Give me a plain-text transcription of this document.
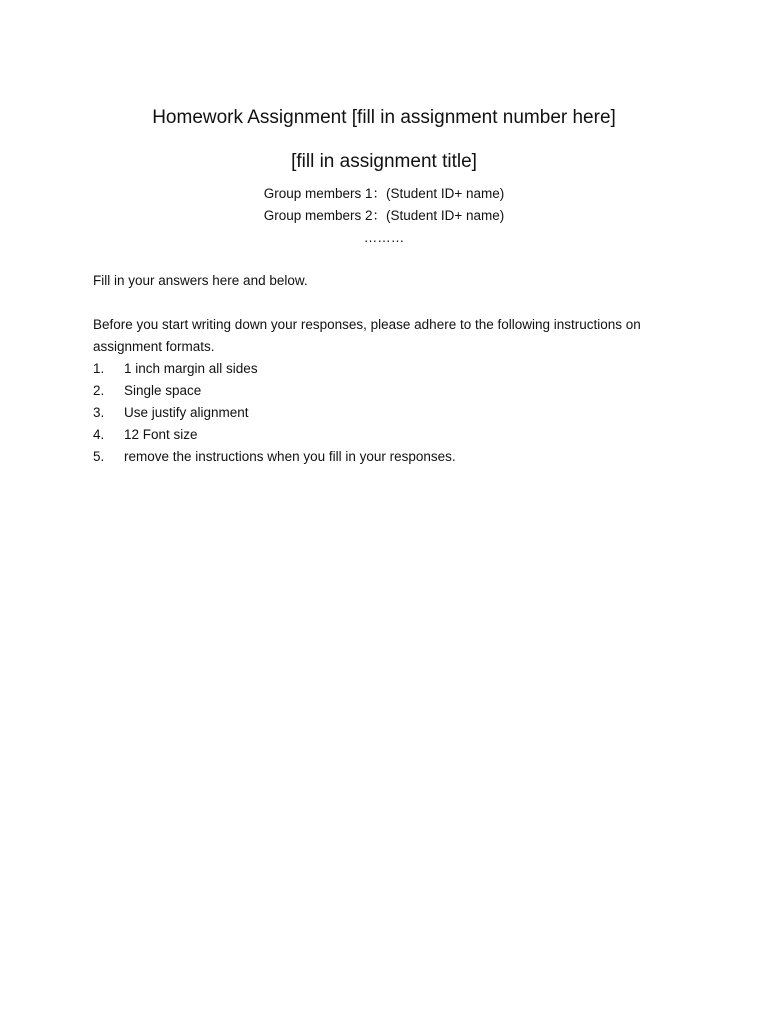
Homework Assignment [fill in assignment number here]
[fill in assignment title]
Group members 1：(Student ID+ name)
Group members 2：(Student ID+ name)
………
Fill in your answers here and below.
Before you start writing down your responses, please adhere to the following instructions on assignment formats.
1.	1 inch margin all sides
2.	Single space
3.	Use justify alignment
4.	12 Font size
5.	remove the instructions when you fill in your responses.
